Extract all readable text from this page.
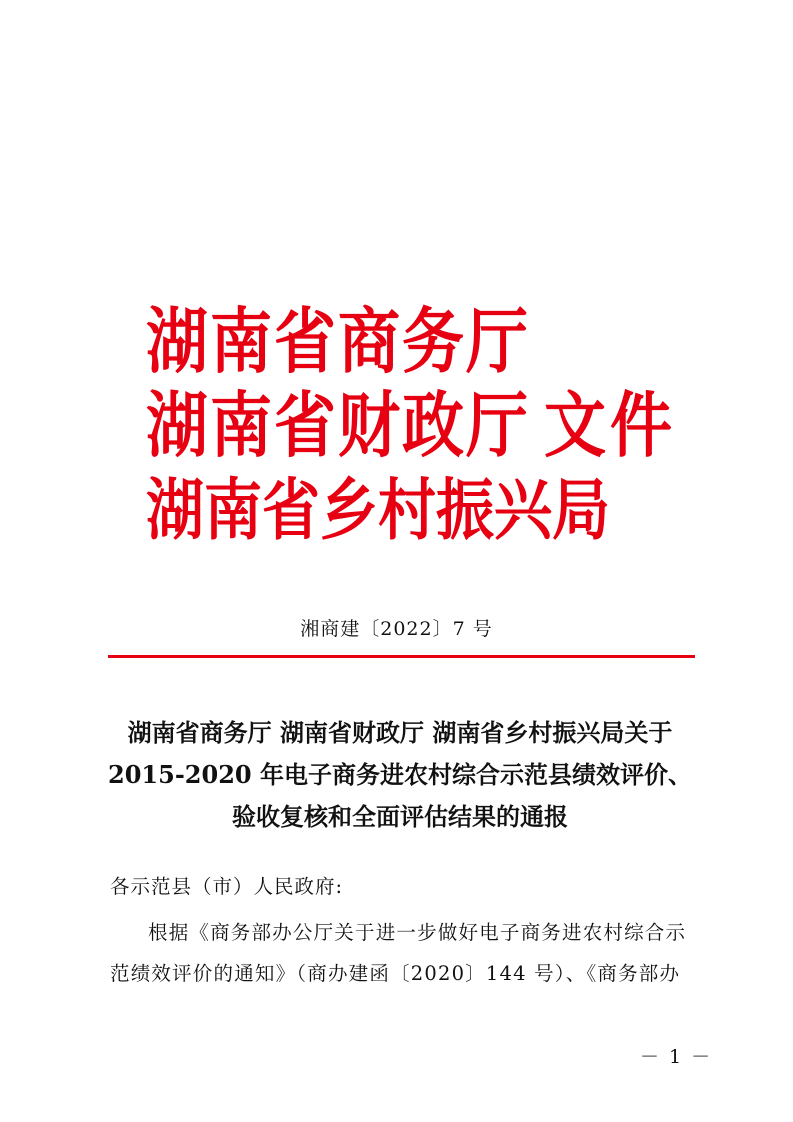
湖南省商务厅
湖南省财政厅 文件
湖南省乡村振兴局
湘商建〔2022〕7 号
湖南省商务厅 湖南省财政厅 湖南省乡村振兴局关于
2015-2020 年电子商务进农村综合示范县绩效评价、
验收复核和全面评估结果的通报
各示范县（市）人民政府:
根据《商务部办公厅关于进一步做好电子商务进农村综合示
范绩效评价的通知》（商办建函〔2020〕144 号）、《商务部办
－ 1 －
